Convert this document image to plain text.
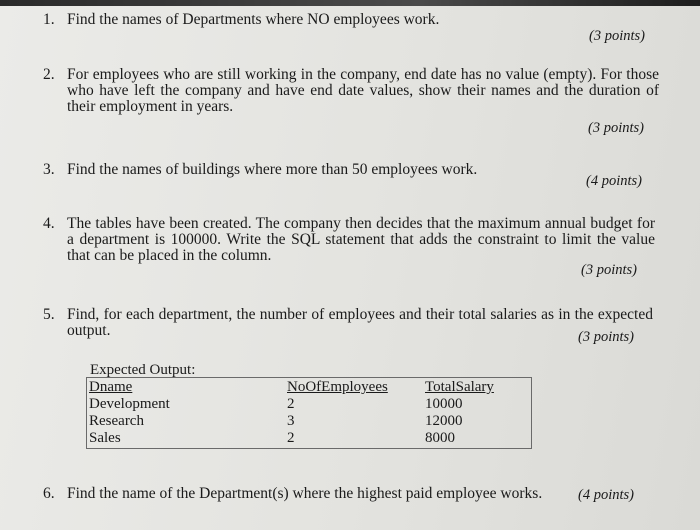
1. Find the names of Departments where NO employees work.
(3 points)
2. For employees who are still working in the company, end date has no value (empty). For those who have left the company and have end date values, show their names and the duration of their employment in years.
(3 points)
3. Find the names of buildings where more than 50 employees work.
(4 points)
4. The tables have been created. The company then decides that the maximum annual budget for a department is 100000. Write the SQL statement that adds the constraint to limit the value that can be placed in the column.
(3 points)
5. Find, for each department, the number of employees and their total salaries as in the expected output.	(3 points)
Expected Output:
Dname
Development
Research
Sales
NoOfEmployees
2
3
2
TotalSalary
10000
12000
8000
6. Find the name of the Department(s) where the highest paid employee works.	(4 points)
